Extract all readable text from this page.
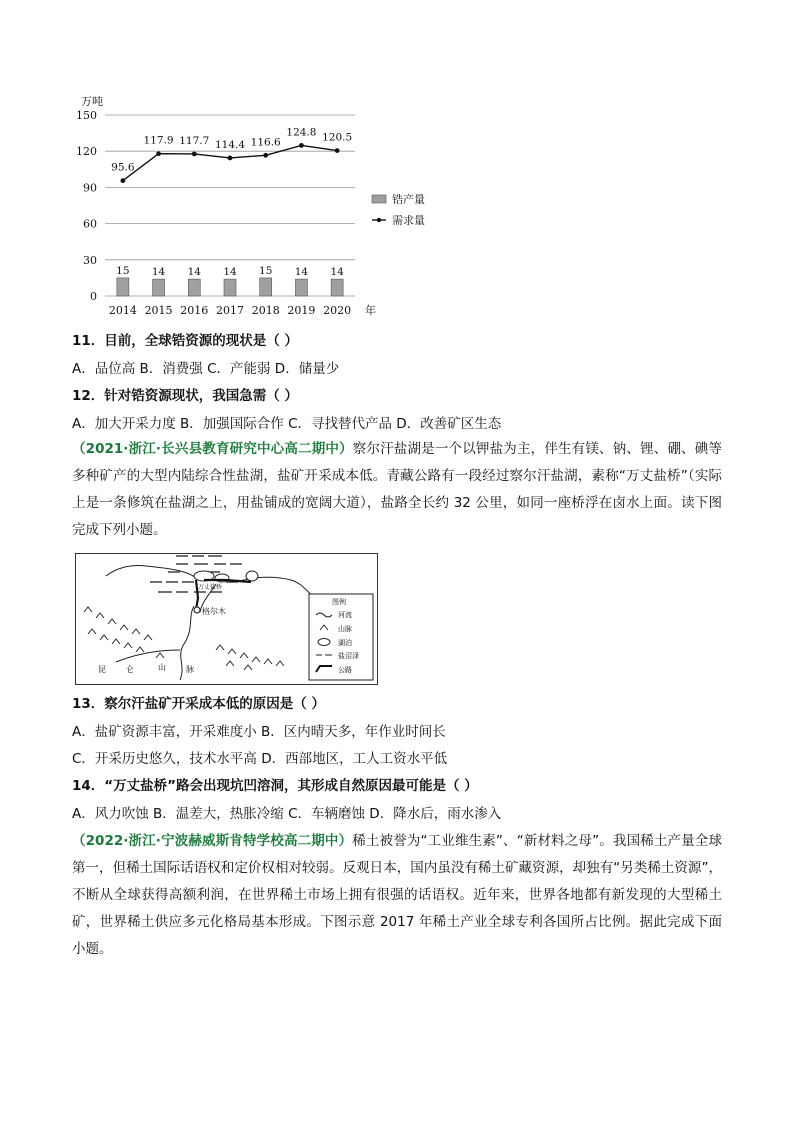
0
30
60
90
120
150
万吨
2014 2015 2016 2017 2018 2019 2020 年
15 14 14 14 15 14 14
95.6
117.9 117.7 114.4 116.6
124.8 120.5
锆产量
需求量
11．目前，全球锆资源的现状是（ ）
A．品位高 B．消费强 C．产能弱 D．储量少
12．针对锆资源现状，我国急需（ ）
A．加大开采力度 B．加强国际合作 C．寻找替代产品 D．改善矿区生态

（2021·浙江·长兴县教育研究中心高二期中）察尔汗盐湖是一个以钾盐为主，伴生有镁、钠、锂、硼、碘等多种矿产的大型内陆综合性盐湖，盐矿开采成本低。青藏公路有一段经过察尔汗盐湖，素称“万丈盐桥”（实际上是一条修筑在盐湖之上，用盐铺成的宽阔大道），盐路全长约 32 公里，如同一座桥浮在卤水上面。读下图完成下列小题。

格尔木
万丈盐桥
昆	仑	山	脉
图例
河流
山脉
湖泊
盐沼泽
公路
13．察尔汗盐矿开采成本低的原因是（ ）
A．盐矿资源丰富，开采难度小 B．区内晴天多，年作业时间长
C．开采历史悠久，技术水平高 D．西部地区，工人工资水平低
14．“万丈盐桥”路会出现坑凹溶洞，其形成自然原因最可能是（ ）
A．风力吹蚀 B．温差大，热胀冷缩 C．车辆磨蚀 D．降水后，雨水渗入

（2022·浙江·宁波赫威斯肯特学校高二期中）稀土被誉为“工业维生素”、“新材料之母”。我国稀土产量全球第一，但稀土国际话语权和定价权相对较弱。反观日本，国内虽没有稀土矿藏资源，却独有“另类稀土资源”，不断从全球获得高额利润，在世界稀土市场上拥有很强的话语权。近年来，世界各地都有新发现的大型稀土矿，世界稀土供应多元化格局基本形成。下图示意 2017 年稀土产业全球专利各国所占比例。据此完成下面小题。
